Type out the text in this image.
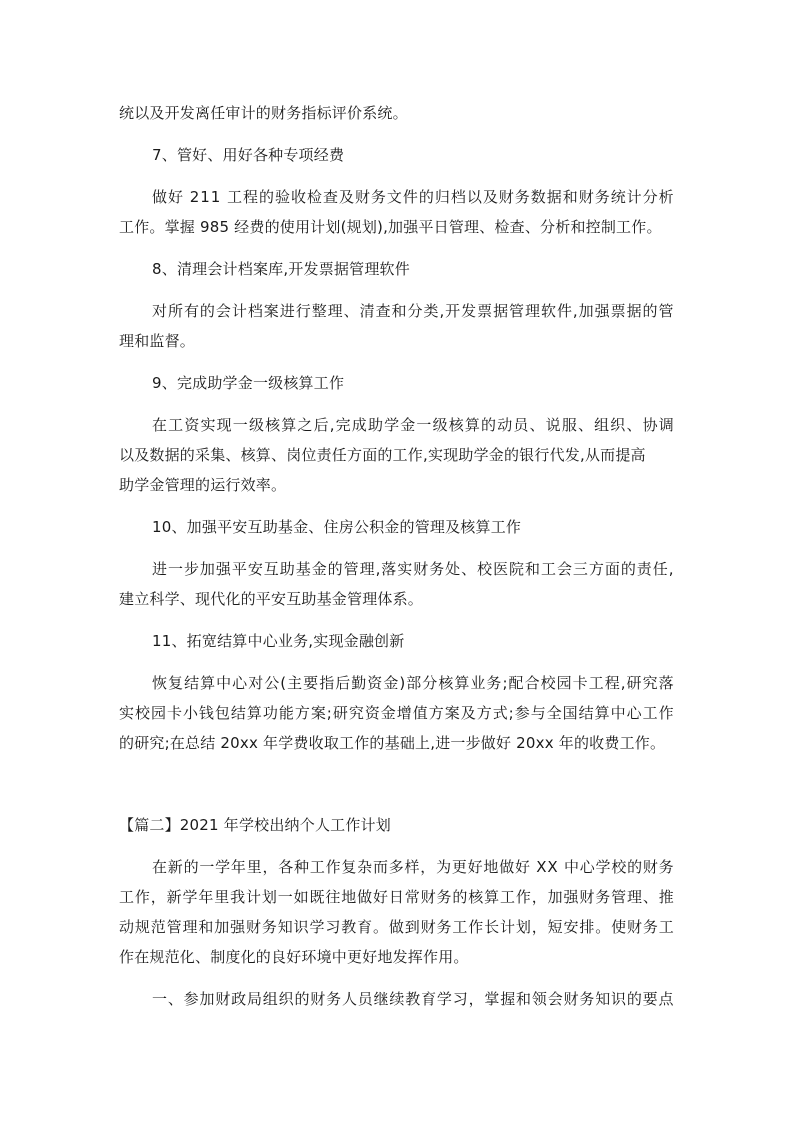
统以及开发离任审计的财务指标评价系统。
7、管好、用好各种专项经费
做 好
2 1 1
工 程 的 验 收 检 查 及 财 务 文 件 的 归 档 以 及 财 务 数 据 和 财 务 统 计 分 析
工作。掌握 985 经费的使用计划(规划),加强平日管理、检查、分析和控制工作。
8、清理会计档案库,开发票据管理软件
对 所 有 的 会 计 档 案 进 行 整 理 、 清 查 和 分 类 , 开 发 票 据 管 理 软 件 , 加 强 票 据 的 管
理和监督。
9、完成助学金一级核算工作
在 工 资 实 现 一 级 核 算 之 后 , 完 成 助 学 金 一 级 核 算 的 动 员 、 说 服 、 组 织 、 协 调
以及数据的采集、核算、岗位责任方面的工作,实现助学金的银行代发,从而提高
助学金管理的运行效率。
10、加强平安互助基金、住房公积金的管理及核算工作
进 一 步 加 强 平 安 互 助 基 金 的 管 理 , 落 实 财 务 处 、 校 医 院 和 工 会 三 方 面 的 责 任 ,
建立科学、现代化的平安互助基金管理体系。
11、拓宽结算中心业务,实现金融创新
恢 复 结 算 中 心 对 公 ( 主 要 指 后 勤 资 金 ) 部 分 核 算 业 务 ; 配 合 校 园 卡 工 程 , 研 究 落
实 校 园 卡 小 钱 包 结 算 功 能 方 案 ; 研 究 资 金 增 值 方 案 及 方 式 ; 参 与 全 国 结 算 中 心 工 作
的研究;在总结 20xx 年学费收取工作的基础上,进一步做好 20xx 年的收费工作。
【篇二】2021 年学校出纳个人工作计划
在 新 的 一 学 年 里 ， 各 种 工 作 复 杂 而 多 样 ， 为 更 好 地 做 好
X X
中 心 学 校 的 财 务
工 作 ， 新 学 年 里 我 计 划 一 如 既 往 地 做 好 日 常 财 务 的 核 算 工 作 ， 加 强 财 务 管 理 、 推
动 规 范 管 理 和 加 强 财 务 知 识 学 习 教 育 。 做 到 财 务 工 作 长 计 划 ， 短 安 排 。 使 财 务 工
作在规范化、制度化的良好环境中更好地发挥作用。
一 、 参 加 财 政 局 组 织 的 财 务 人 员 继 续 教 育 学 习 ， 掌 握 和 领 会 财 务 知 识 的 要 点
